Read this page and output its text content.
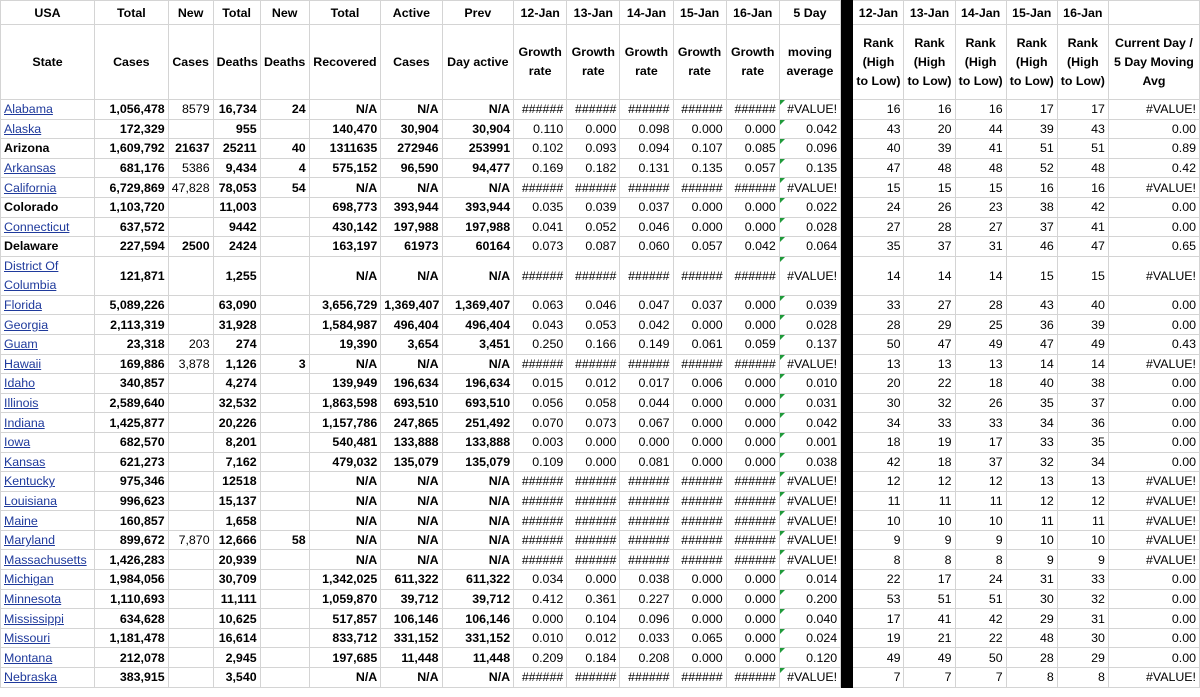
USA	Total	New	Total	New	Total	Active	Prev	12-Jan	13-Jan	14-Jan	15-Jan	16-Jan	5 Day		12-Jan	13-Jan	14-Jan	15-Jan	16-Jan	
State	Cases	Cases	Deaths	Deaths	Recovered	Cases	Day active	Growth rate	Growth rate	Growth rate	Growth rate	Growth rate	moving average		Rank (High to Low)	Rank (High to Low)	Rank (High to Low)	Rank (High to Low)	Rank (High to Low)	Current Day / 5 Day Moving Avg
Alabama	1,056,478	8579	16,734	24	N/A	N/A	N/A	######	######	######	######	######	#VALUE!		16	16	16	17	17	#VALUE!
Alaska	172,329		955		140,470	30,904	30,904	0.110	0.000	0.098	0.000	0.000	0.042		43	20	44	39	43	0.00
Arizona	1,609,792	21637	25211	40	1311635	272946	253991	0.102	0.093	0.094	0.107	0.085	0.096		40	39	41	51	51	0.89
Arkansas	681,176	5386	9,434	4	575,152	96,590	94,477	0.169	0.182	0.131	0.135	0.057	0.135		47	48	48	52	48	0.42
California	6,729,869	47,828	78,053	54	N/A	N/A	N/A	######	######	######	######	######	#VALUE!		15	15	15	16	16	#VALUE!
Colorado	1,103,720		11,003		698,773	393,944	393,944	0.035	0.039	0.037	0.000	0.000	0.022		24	26	23	38	42	0.00
Connecticut	637,572		9442		430,142	197,988	197,988	0.041	0.052	0.046	0.000	0.000	0.028		27	28	27	37	41	0.00
Delaware	227,594	2500	2424		163,197	61973	60164	0.073	0.087	0.060	0.057	0.042	0.064		35	37	31	46	47	0.65
District Of Columbia	121,871		1,255		N/A	N/A	N/A	######	######	######	######	######	#VALUE!		14	14	14	15	15	#VALUE!
Florida	5,089,226		63,090		3,656,729	1,369,407	1,369,407	0.063	0.046	0.047	0.037	0.000	0.039		33	27	28	43	40	0.00
Georgia	2,113,319		31,928		1,584,987	496,404	496,404	0.043	0.053	0.042	0.000	0.000	0.028		28	29	25	36	39	0.00
Guam	23,318	203	274		19,390	3,654	3,451	0.250	0.166	0.149	0.061	0.059	0.137		50	47	49	47	49	0.43
Hawaii	169,886	3,878	1,126	3	N/A	N/A	N/A	######	######	######	######	######	#VALUE!		13	13	13	14	14	#VALUE!
Idaho	340,857		4,274		139,949	196,634	196,634	0.015	0.012	0.017	0.006	0.000	0.010		20	22	18	40	38	0.00
Illinois	2,589,640		32,532		1,863,598	693,510	693,510	0.056	0.058	0.044	0.000	0.000	0.031		30	32	26	35	37	0.00
Indiana	1,425,877		20,226		1,157,786	247,865	251,492	0.070	0.073	0.067	0.000	0.000	0.042		34	33	33	34	36	0.00
Iowa	682,570		8,201		540,481	133,888	133,888	0.003	0.000	0.000	0.000	0.000	0.001		18	19	17	33	35	0.00
Kansas	621,273		7,162		479,032	135,079	135,079	0.109	0.000	0.081	0.000	0.000	0.038		42	18	37	32	34	0.00
Kentucky	975,346		12518		N/A	N/A	N/A	######	######	######	######	######	#VALUE!		12	12	12	13	13	#VALUE!
Louisiana	996,623		15,137		N/A	N/A	N/A	######	######	######	######	######	#VALUE!		11	11	11	12	12	#VALUE!
Maine	160,857		1,658		N/A	N/A	N/A	######	######	######	######	######	#VALUE!		10	10	10	11	11	#VALUE!
Maryland	899,672	7,870	12,666	58	N/A	N/A	N/A	######	######	######	######	######	#VALUE!		9	9	9	10	10	#VALUE!
Massachusetts	1,426,283		20,939		N/A	N/A	N/A	######	######	######	######	######	#VALUE!		8	8	8	9	9	#VALUE!
Michigan	1,984,056		30,709		1,342,025	611,322	611,322	0.034	0.000	0.038	0.000	0.000	0.014		22	17	24	31	33	0.00
Minnesota	1,110,693		11,111		1,059,870	39,712	39,712	0.412	0.361	0.227	0.000	0.000	0.200		53	51	51	30	32	0.00
Mississippi	634,628		10,625		517,857	106,146	106,146	0.000	0.104	0.096	0.000	0.000	0.040		17	41	42	29	31	0.00
Missouri	1,181,478		16,614		833,712	331,152	331,152	0.010	0.012	0.033	0.065	0.000	0.024		19	21	22	48	30	0.00
Montana	212,078		2,945		197,685	11,448	11,448	0.209	0.184	0.208	0.000	0.000	0.120		49	49	50	28	29	0.00
Nebraska	383,915		3,540		N/A	N/A	N/A	######	######	######	######	######	#VALUE!		7	7	7	8	8	#VALUE!
